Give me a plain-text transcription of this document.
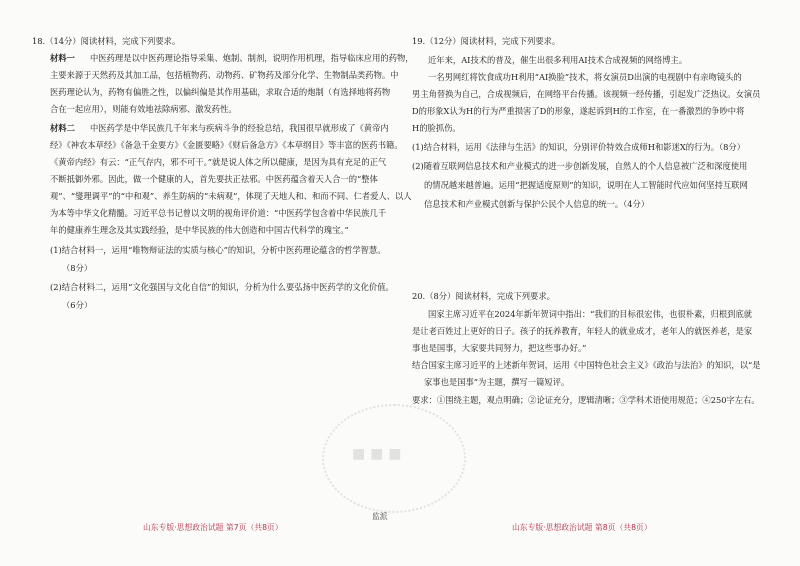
18.（14分）阅读材料，完成下列要求。
材料一 中医药理是以中医药理论指导采集、炮制、制剂，说明作用机理，指导临床应用的药物，
主要来源于天然药及其加工品，包括植物药、动物药、矿物药及部分化学、生物制品类药物。中
医药理论认为，药物有偏胜之性，以偏纠偏是其作用基础，求取合适的炮制（有选择地将药物
合在一起应用），则能有效地祛除病邪、激发药性。
材料二 中医药学是中华民族几千年来与疾病斗争的经验总结，我国很早就形成了《黄帝内
经》《神农本草经》《备急千金要方》《金匮要略》《财后备急方》《本草纲目》等丰富的医药书籍。
《黄帝内经》有云：“正气存内，邪不可干。”就是说人体之所以健康，是因为具有充足的正气
不断抵御外邪。因此，做一个健康的人，首先要扶正祛邪。中医药蕴含着天人合一的“整体
观”、“燮理调平”的“中和观”、养生防病的“未病观”，体现了天地人和、和而不同、仁者爱人、以人
为本等中华文化精髓。习近平总书记曾以文明的视角评价道：“中医药学包含着中华民族几千
年的健康养生理念及其实践经验，是中华民族的伟大创造和中国古代科学的瑰宝。”
(1)结合材料一，运用“唯物辩证法的实质与核心”的知识，分析中医药理论蕴含的哲学智慧。
（8分）
(2)结合材料二，运用“文化强国与文化自信”的知识，分析为什么要弘扬中医药学的文化价值。
（6分）
山东专版·思想政治试题 第7页（共8页）
■ ■ ■
监派
19.（12分）阅读材料，完成下列要求。
近年来，AI技术的普及，催生出很多利用AI技术合成视频的网络博主。
一名男网红将饮食成功H利用“AI换脸”技术，将女演员D出演的电视剧中有亲吻镜头的
男主角替换为自己，合成视频后，在网络平台传播。该视频一经传播，引起发广泛热议。女演员
D的形象X认为H的行为严重损害了D的形象，遂起诉到H的工作室，在一番激烈的争吵中将
H的脸抓伤。
(1)结合材料，运用《法律与生活》的知识，分别评价特效合成师H和影迷X的行为。（8分）
(2)随着互联网信息技术和产业模式的进一步创新发展，自然人的个人信息被广泛和深度使用
的情况越来越普遍。运用“把握适度原则”的知识，说明在人工智能时代应如何坚持互联网
信息技术和产业模式创新与保护公民个人信息的统一。（4分）
20.（8分）阅读材料，完成下列要求。
国家主席习近平在2024年新年贺词中指出：“我们的目标很宏伟，也很朴素，归根到底就
是让老百姓过上更好的日子。孩子的抚养教育，年轻人的就业成才，老年人的就医养老，是家
事也是国事，大家要共同努力，把这些事办好。”
结合国家主席习近平的上述新年贺词，运用《中国特色社会主义》《政治与法治》的知识，以“是
家事也是国事”为主题，撰写一篇短评。
要求：①围绕主题，观点明确；②论证充分，逻辑清晰；③学科术语使用规范；④250字左右。
山东专版·思想政治试题 第8页（共8页）
